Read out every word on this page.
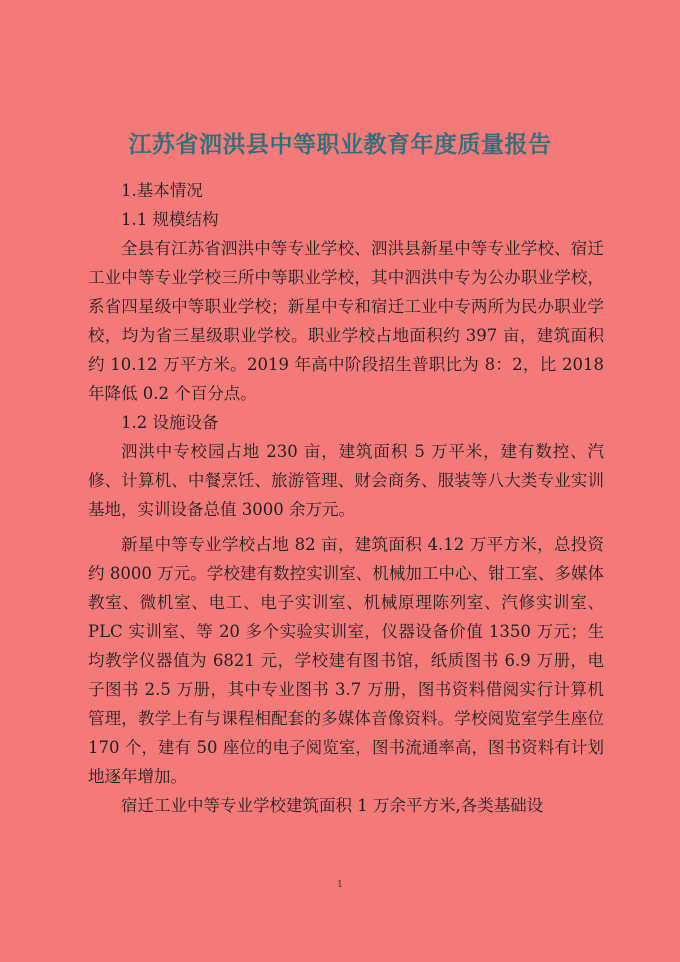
江苏省泗洪县中等职业教育年度质量报告
1.基本情况
1.1 规模结构

全县有江苏省泗洪中等专业学校、泗洪县新星中等专业学校、宿迁工业中等专业学校三所中等职业学校，其中泗洪中专为公办职业学校，系省四星级中等职业学校；新星中专和宿迁工业中专两所为民办职业学校，均为省三星级职业学校。职业学校占地面积约 397 亩，建筑面积约 10.12 万平方米。2019 年高中阶段招生普职比为 8：2，比 2018 年降低 0.2 个百分点。

1.2 设施设备

泗洪中专校园占地 230 亩，建筑面积 5 万平米，建有数控、汽修、计算机、中餐烹饪、旅游管理、财会商务、服装等八大类专业实训基地，实训设备总值 3000 余万元。

新星中等专业学校占地 82 亩，建筑面积 4.12 万平方米，总投资约 8000 万元。学校建有数控实训室、机械加工中心、钳工室、多媒体教室、微机室、电工、电子实训室、机械原理陈列室、汽修实训室、PLC 实训室、等 20 多个实验实训室，仪器设备价值 1350 万元；生均教学仪器值为 6821 元，学校建有图书馆，纸质图书 6.9 万册，电子图书 2.5 万册，其中专业图书 3.7 万册，图书资料借阅实行计算机管理，教学上有与课程相配套的多媒体音像资料。学校阅览室学生座位 170 个，建有 50 座位的电子阅览室，图书流通率高，图书资料有计划地逐年增加。

宿迁工业中等专业学校建筑面积 1 万余平方米,各类基础设

1
